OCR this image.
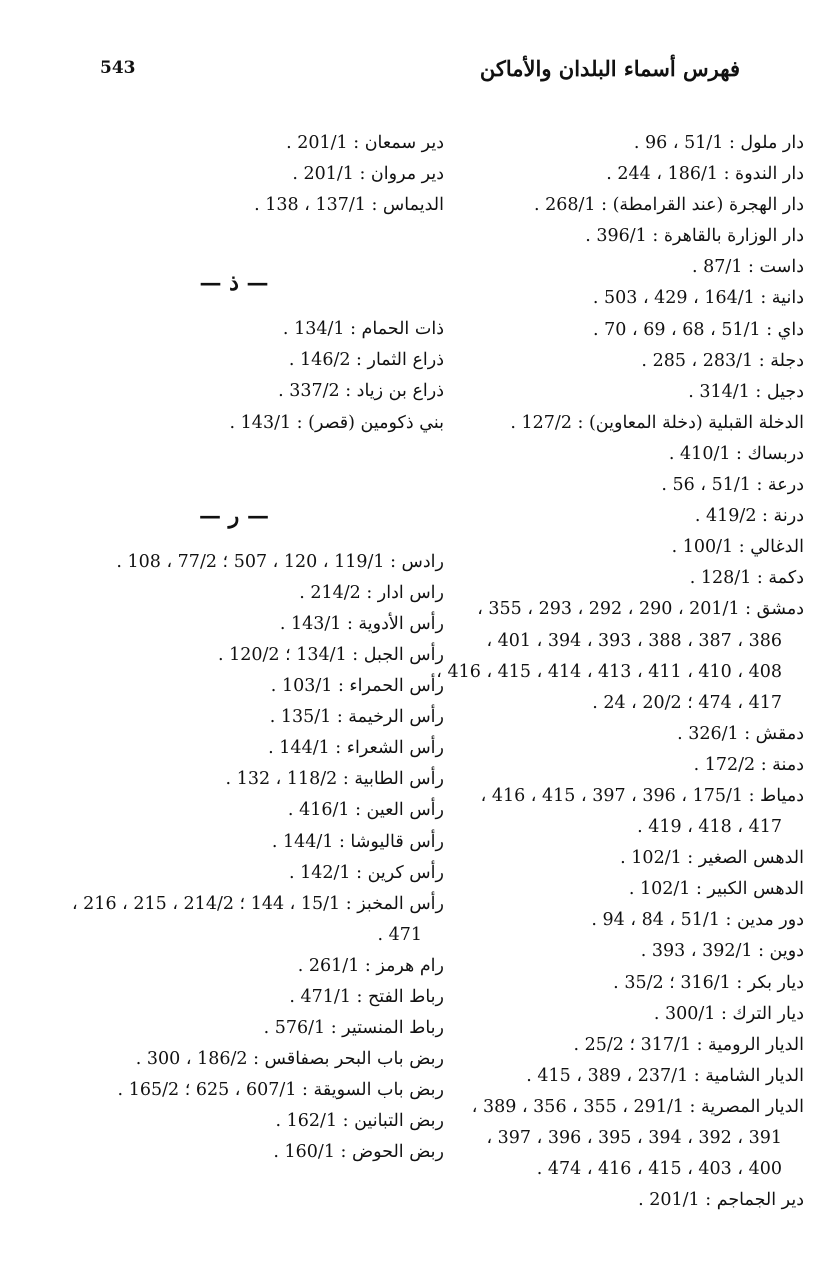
543	فهرس أسماء البلدان والأماكن
دار ملول : 51/1 ، 96 .
دار الندوة : 186/1 ، 244 .
دار الهجرة (عند القرامطة) : 268/1 .
دار الوزارة بالقاهرة : 396/1 .
داست : 87/1 .
دانية : 164/1 ، 429 ، 503 .
داي : 51/1 ، 68 ، 69 ، 70 .
دجلة : 283/1 ، 285 .
دجيل : 314/1 .
الدخلة القبلية (دخلة المعاوين) : 127/2 .
دربساك : 410/1 .
درعة : 51/1 ، 56 .
درنة : 419/2 .
الدغالي : 100/1 .
دكمة : 128/1 .
دمشق : 201/1 ، 290 ، 292 ، 293 ، 355 ،
386 ، 387 ، 388 ، 393 ، 394 ، 401 ،
408 ، 410 ، 411 ، 413 ، 414 ، 415 ، 416 ،
417 ، 474 ؛ 20/2 ، 24 .
دمقش : 326/1 .
دمنة : 172/2 .
دمياط : 175/1 ، 396 ، 397 ، 415 ، 416 ،
417 ، 418 ، 419 .
الدهس الصغير : 102/1 .
الدهس الكبير : 102/1 .
دور مدين : 51/1 ، 84 ، 94 .
دوين : 392/1 ، 393 .
ديار بكر : 316/1 ؛ 35/2 .
ديار الترك : 300/1 .
الديار الرومية : 317/1 ؛ 25/2 .
الديار الشامية : 237/1 ، 389 ، 415 .
الديار المصرية : 291/1 ، 355 ، 356 ، 389 ،
391 ، 392 ، 394 ، 395 ، 396 ، 397 ،
400 ، 403 ، 415 ، 416 ، 474 .
دير الجماجم : 201/1 .
دير سمعان : 201/1 .
دير مروان : 201/1 .
الديماس : 137/1 ، 138 .
— ذ —
ذات الحمام : 134/1 .
ذراع الثمار : 146/2 .
ذراع بن زياد : 337/2 .
بني ذكومين (قصر) : 143/1 .
— ر —
رادس : 119/1 ، 120 ، 507 ؛ 77/2 ، 108 .
راس ادار : 214/2 .
رأس الأدوية : 143/1 .
رأس الجبل : 134/1 ؛ 120/2 .
رأس الحمراء : 103/1 .
رأس الرخيمة : 135/1 .
رأس الشعراء : 144/1 .
رأس الطابية : 118/2 ، 132 .
رأس العين : 416/1 .
رأس قاليوشا : 144/1 .
رأس كرين : 142/1 .
رأس المخبز : 15/1 ، 144 ؛ 214/2 ، 215 ، 216 ،
471 .
رام هرمز : 261/1 .
رباط الفتح : 471/1 .
رباط المنستير : 576/1 .
ربض باب البحر بصفاقس : 186/2 ، 300 .
ربض باب السويقة : 607/1 ، 625 ؛ 165/2 .
ربض التبانين : 162/1 .
ربض الحوض : 160/1 .
